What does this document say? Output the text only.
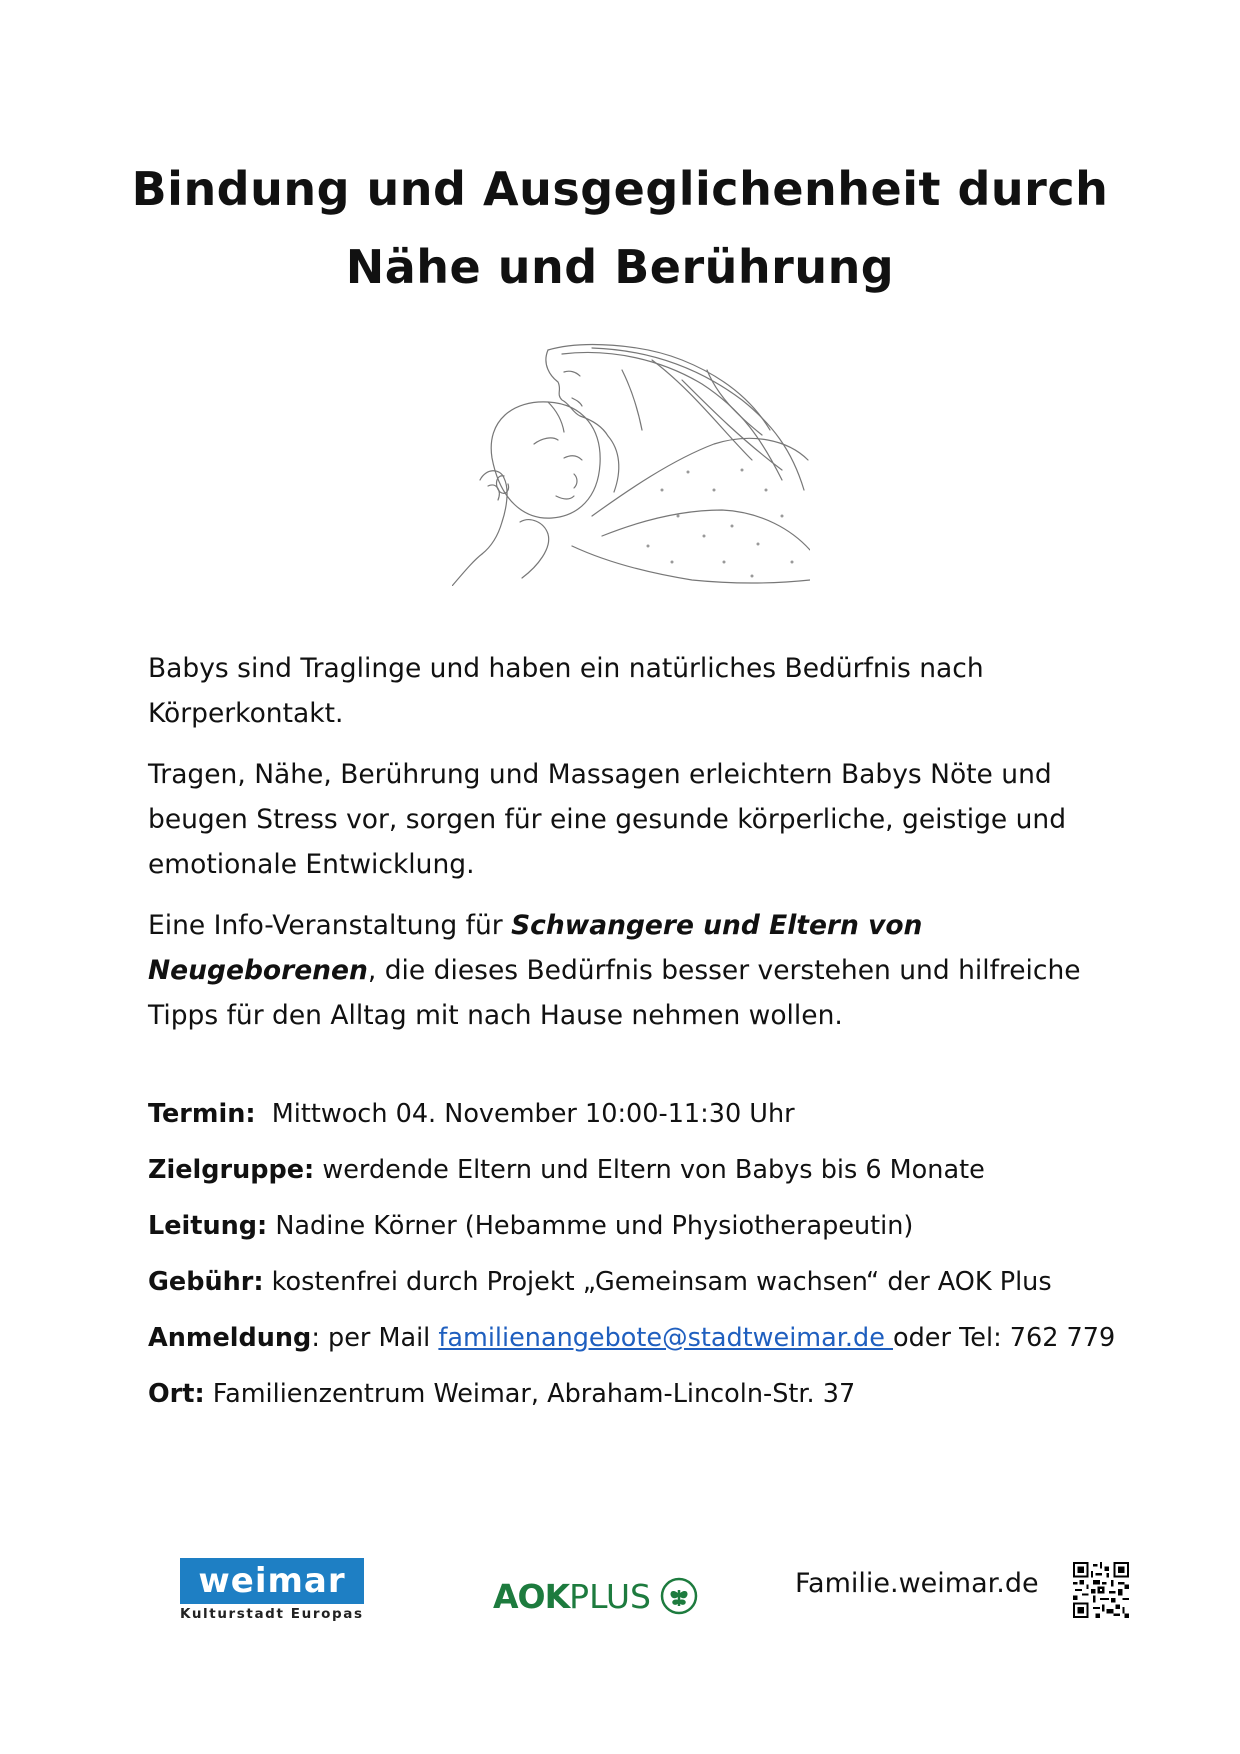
Bindung und Ausgeglichenheit durch
Nähe und Berührung

Babys sind Traglinge und haben ein natürliches Bedürfnis nach Körperkontakt.

Tragen, Nähe, Berührung und Massagen erleichtern Babys Nöte und beugen Stress vor, sorgen für eine gesunde körperliche, geistige und emotionale Entwicklung.

Eine Info-Veranstaltung für Schwangere und Eltern von Neugeborenen, die dieses Bedürfnis besser verstehen und hilfreiche Tipps für den Alltag mit nach Hause nehmen wollen.

Termin: Mittwoch 04. November 10:00-11:30 Uhr
Zielgruppe: werdende Eltern und Eltern von Babys bis 6 Monate
Leitung: Nadine Körner (Hebamme und Physiotherapeutin)
Gebühr: kostenfrei durch Projekt „Gemeinsam wachsen“ der AOK Plus
Anmeldung: per Mail familienangebote@stadtweimar.de oder Tel: 762 779
Ort: Familienzentrum Weimar, Abraham-Lincoln-Str. 37
weimar
Kulturstadt Europas	AOKPLUS	Familie.weimar.de
